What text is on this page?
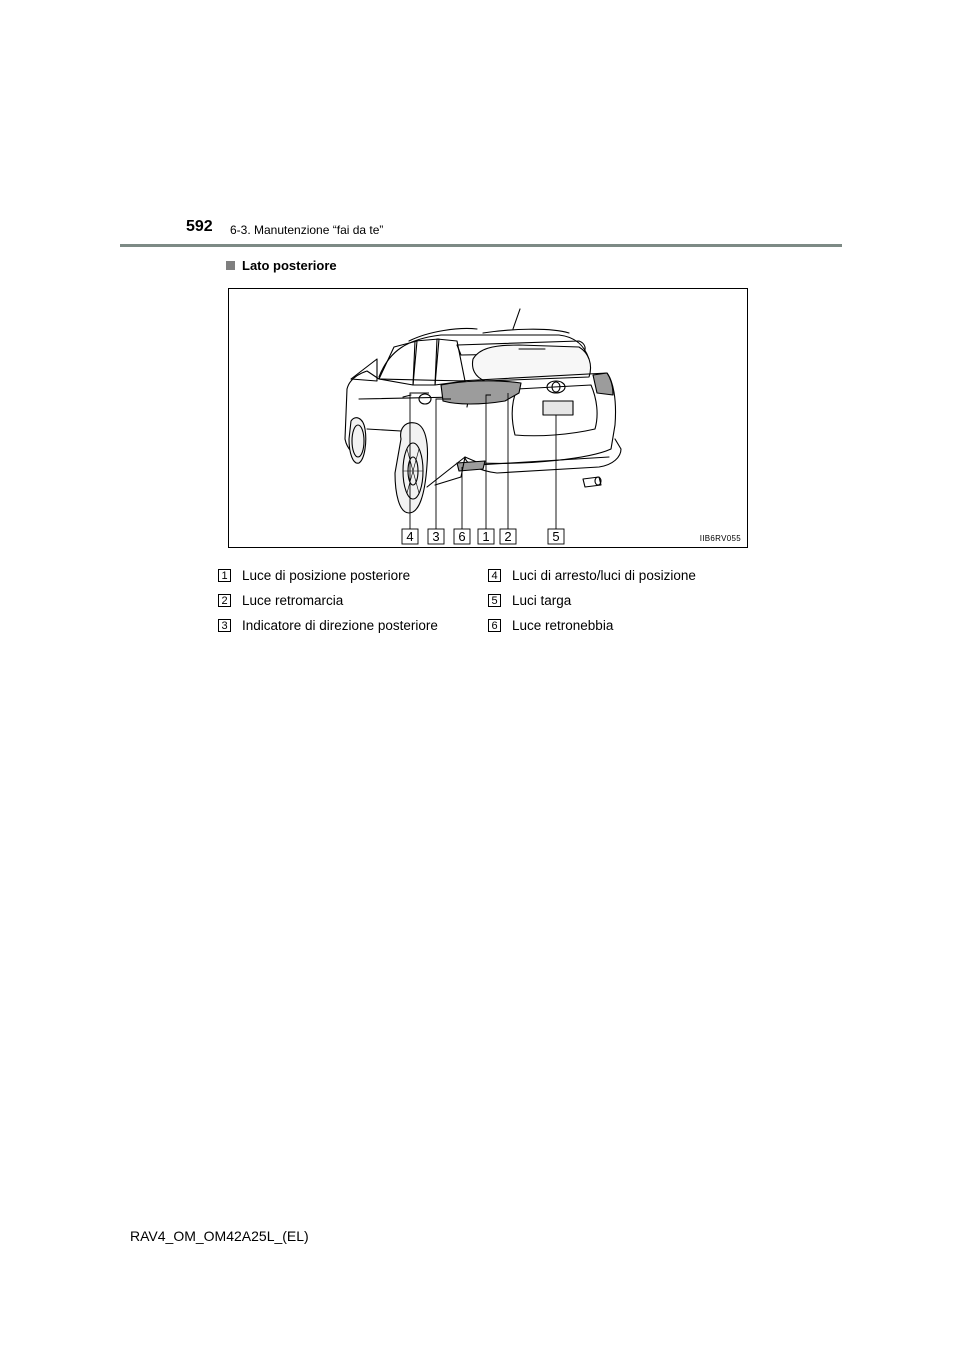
592 6-3. Manutenzione “fai da te”
Lato posteriore
4 3 6 1 2	5	IIB6RV055
1 Luce di posizione posteriore
2 Luce retromarcia
3 Indicatore di direzione posteriore
4 Luci di arresto/luci di posizione
5 Luci targa
6 Luce retronebbia
RAV4_OM_OM42A25L_(EL)
